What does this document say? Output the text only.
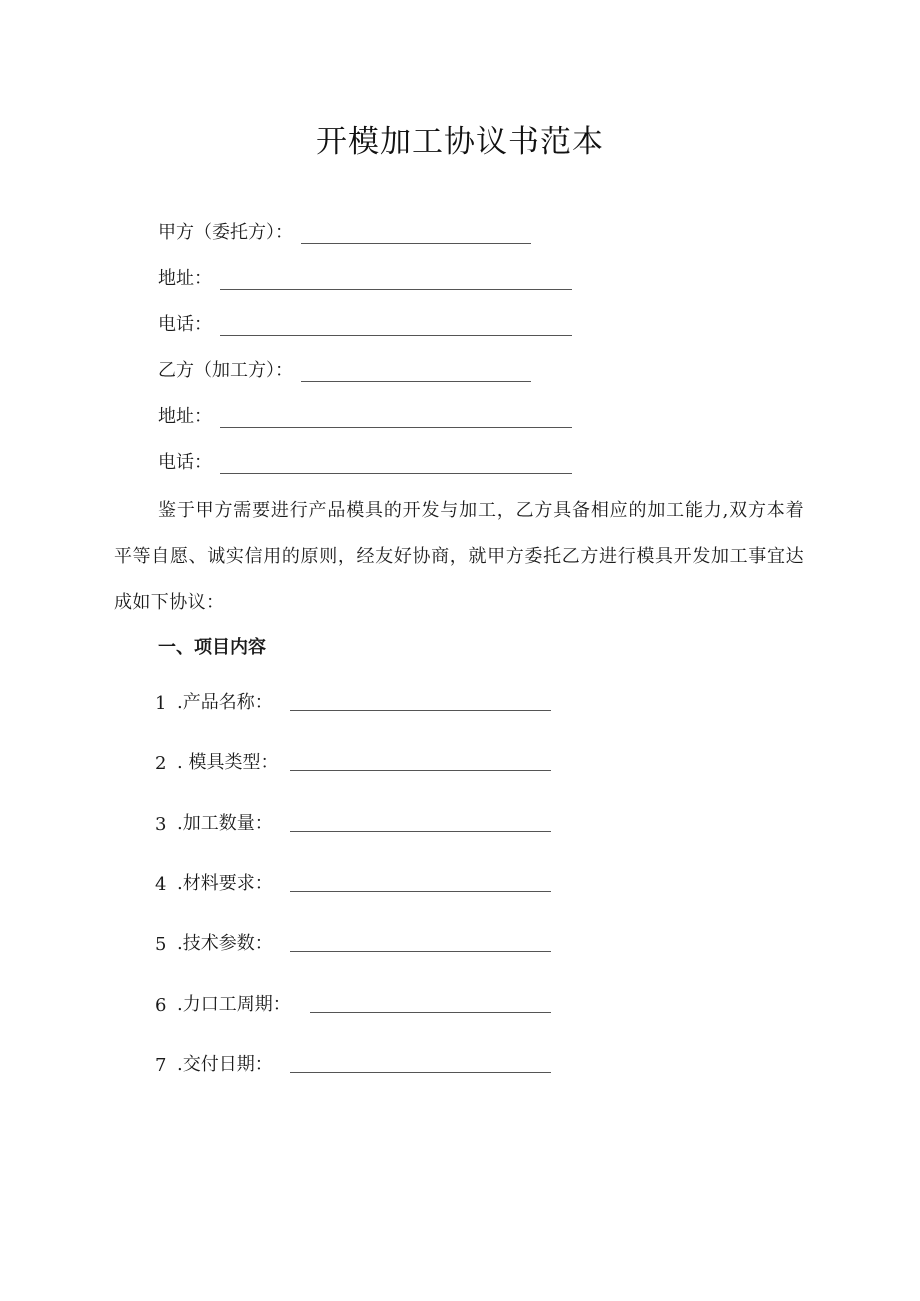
开模加工协议书范本
甲方（委托方）：
地址：
电话：
乙方（加工方）：
地址：
电话：
鉴于甲方需要进行产品模具的开发与加工，乙方具备相应的加工能力,双方本着平等自愿、诚实信用的原则，经友好协商，就甲方委托乙方进行模具开发加工事宜达成如下协议：
一、项目内容
1 .产品名称：
2 . 模具类型：
3 .加工数量：
4 .材料要求：
5 .技术参数：
6 .力口工周期：
7 .交付日期：
